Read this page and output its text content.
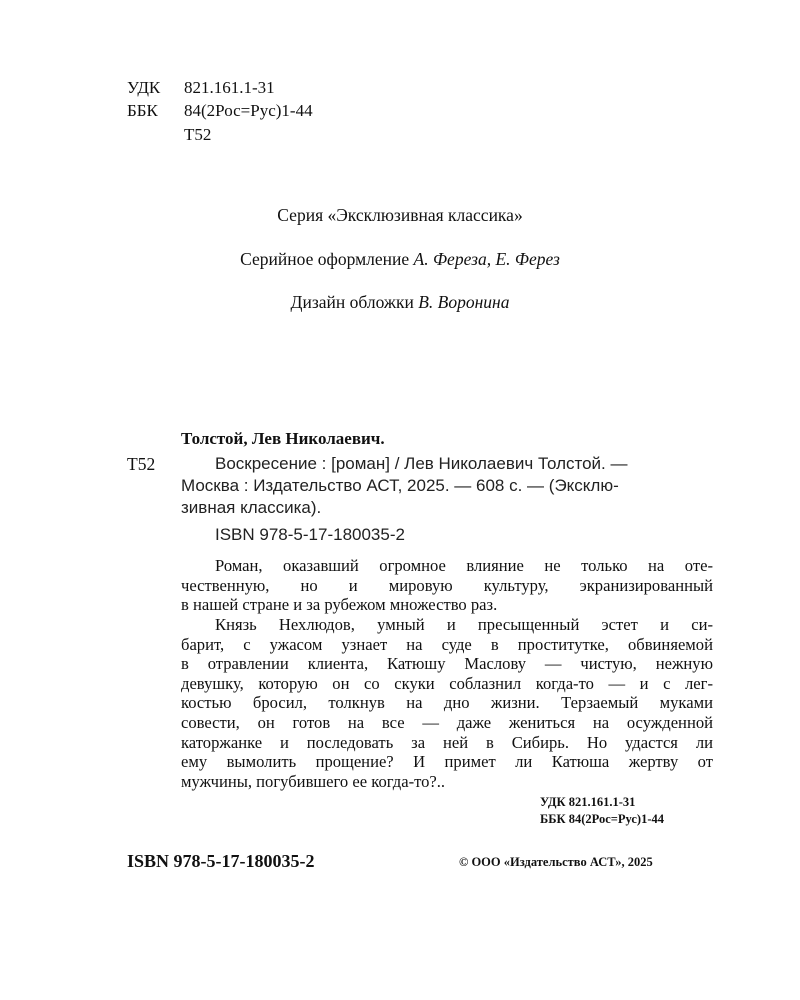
УДК 821.161.1-31
ББК 84(2Рос=Рус)1-44
Т52
Серия «Эксклюзивная классика»
Серийное оформление А. Фереза, Е. Ферез
Дизайн обложки В. Воронина
Толстой, Лев Николаевич.
Т52	Воскресение : [роман] / Лев Николаевич Толстой. —
Москва : Издательство АСТ, 2025. — 608 с. — (Эксклю-
зивная классика).
ISBN 978-5-17-180035-2
Роман, оказавший огромное влияние не только на оте-
чественную, но и мировую культуру, экранизированный
в нашей стране и за рубежом множество раз.
Князь Нехлюдов, умный и пресыщенный эстет и си-
барит, с ужасом узнает на суде в проститутке, обвиняемой
в отравлении клиента, Катюшу Маслову — чистую, нежную
девушку, которую он со скуки соблазнил когда-то — и с лег-
костью бросил, толкнув на дно жизни. Терзаемый муками
совести, он готов на все — даже жениться на осужденной
каторжанке и последовать за ней в Сибирь. Но удастся ли
ему вымолить прощение? И примет ли Катюша жертву от
мужчины, погубившего ее когда-то?..
УДК 821.161.1-31
ББК 84(2Рос=Рус)1-44
ISBN 978-5-17-180035-2	© ООО «Издательство АСТ», 2025
